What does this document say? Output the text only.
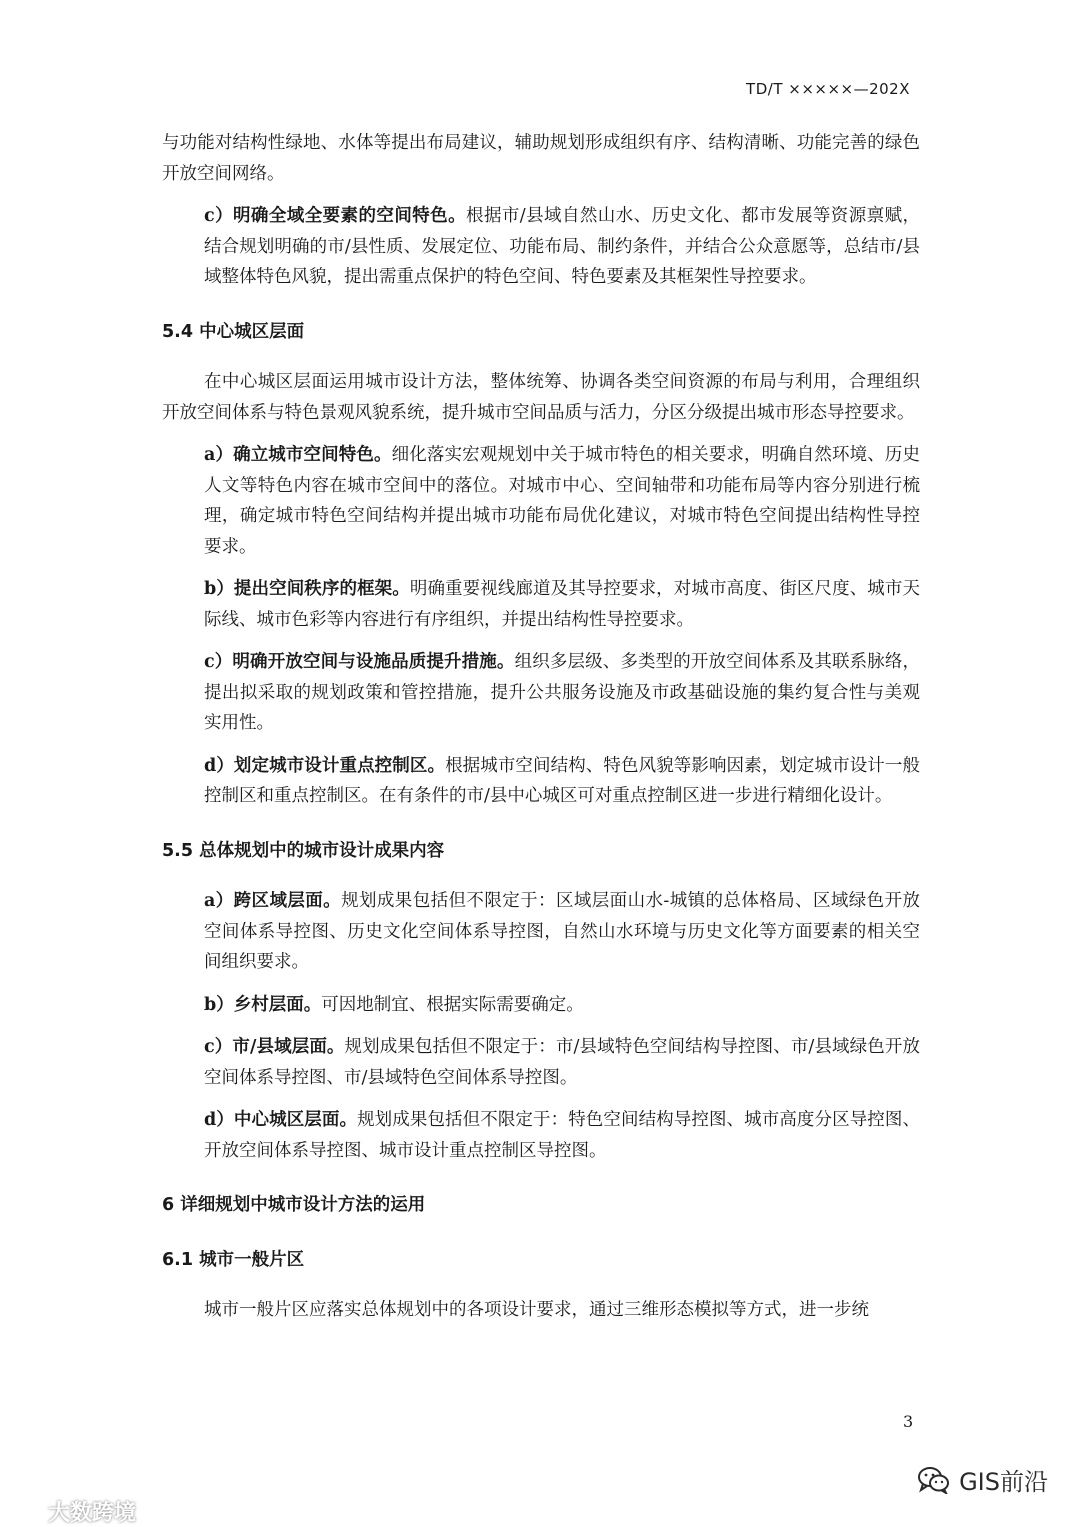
TD/T ×××××—202X

与功能对结构性绿地、水体等提出布局建议，辅助规划形成组织有序、结构清晰、功能完善的绿色开放空间网络。

c）明确全域全要素的空间特色。根据市/县域自然山水、历史文化、都市发展等资源禀赋，结合规划明确的市/县性质、发展定位、功能布局、制约条件，并结合公众意愿等，总结市/县域整体特色风貌，提出需重点保护的特色空间、特色要素及其框架性导控要求。

5.4 中心城区层面

在中心城区层面运用城市设计方法，整体统筹、协调各类空间资源的布局与利用，合理组织开放空间体系与特色景观风貌系统，提升城市空间品质与活力，分区分级提出城市形态导控要求。

a）确立城市空间特色。细化落实宏观规划中关于城市特色的相关要求，明确自然环境、历史人文等特色内容在城市空间中的落位。对城市中心、空间轴带和功能布局等内容分别进行梳理，确定城市特色空间结构并提出城市功能布局优化建议，对城市特色空间提出结构性导控要求。

b）提出空间秩序的框架。明确重要视线廊道及其导控要求，对城市高度、街区尺度、城市天际线、城市色彩等内容进行有序组织，并提出结构性导控要求。

c）明确开放空间与设施品质提升措施。组织多层级、多类型的开放空间体系及其联系脉络，提出拟采取的规划政策和管控措施，提升公共服务设施及市政基础设施的集约复合性与美观实用性。

d）划定城市设计重点控制区。根据城市空间结构、特色风貌等影响因素，划定城市设计一般控制区和重点控制区。在有条件的市/县中心城区可对重点控制区进一步进行精细化设计。

5.5 总体规划中的城市设计成果内容

a）跨区域层面。规划成果包括但不限定于：区域层面山水-城镇的总体格局、区域绿色开放空间体系导控图、历史文化空间体系导控图，自然山水环境与历史文化等方面要素的相关空间组织要求。

b）乡村层面。可因地制宜、根据实际需要确定。

c）市/县域层面。规划成果包括但不限定于：市/县域特色空间结构导控图、市/县域绿色开放空间体系导控图、市/县域特色空间体系导控图。

d）中心城区层面。规划成果包括但不限定于：特色空间结构导控图、城市高度分区导控图、开放空间体系导控图、城市设计重点控制区导控图。

6 详细规划中城市设计方法的运用
6.1 城市一般片区

城市一般片区应落实总体规划中的各项设计要求，通过三维形态模拟等方式，进一步统

3
大数跨境
GIS前沿
